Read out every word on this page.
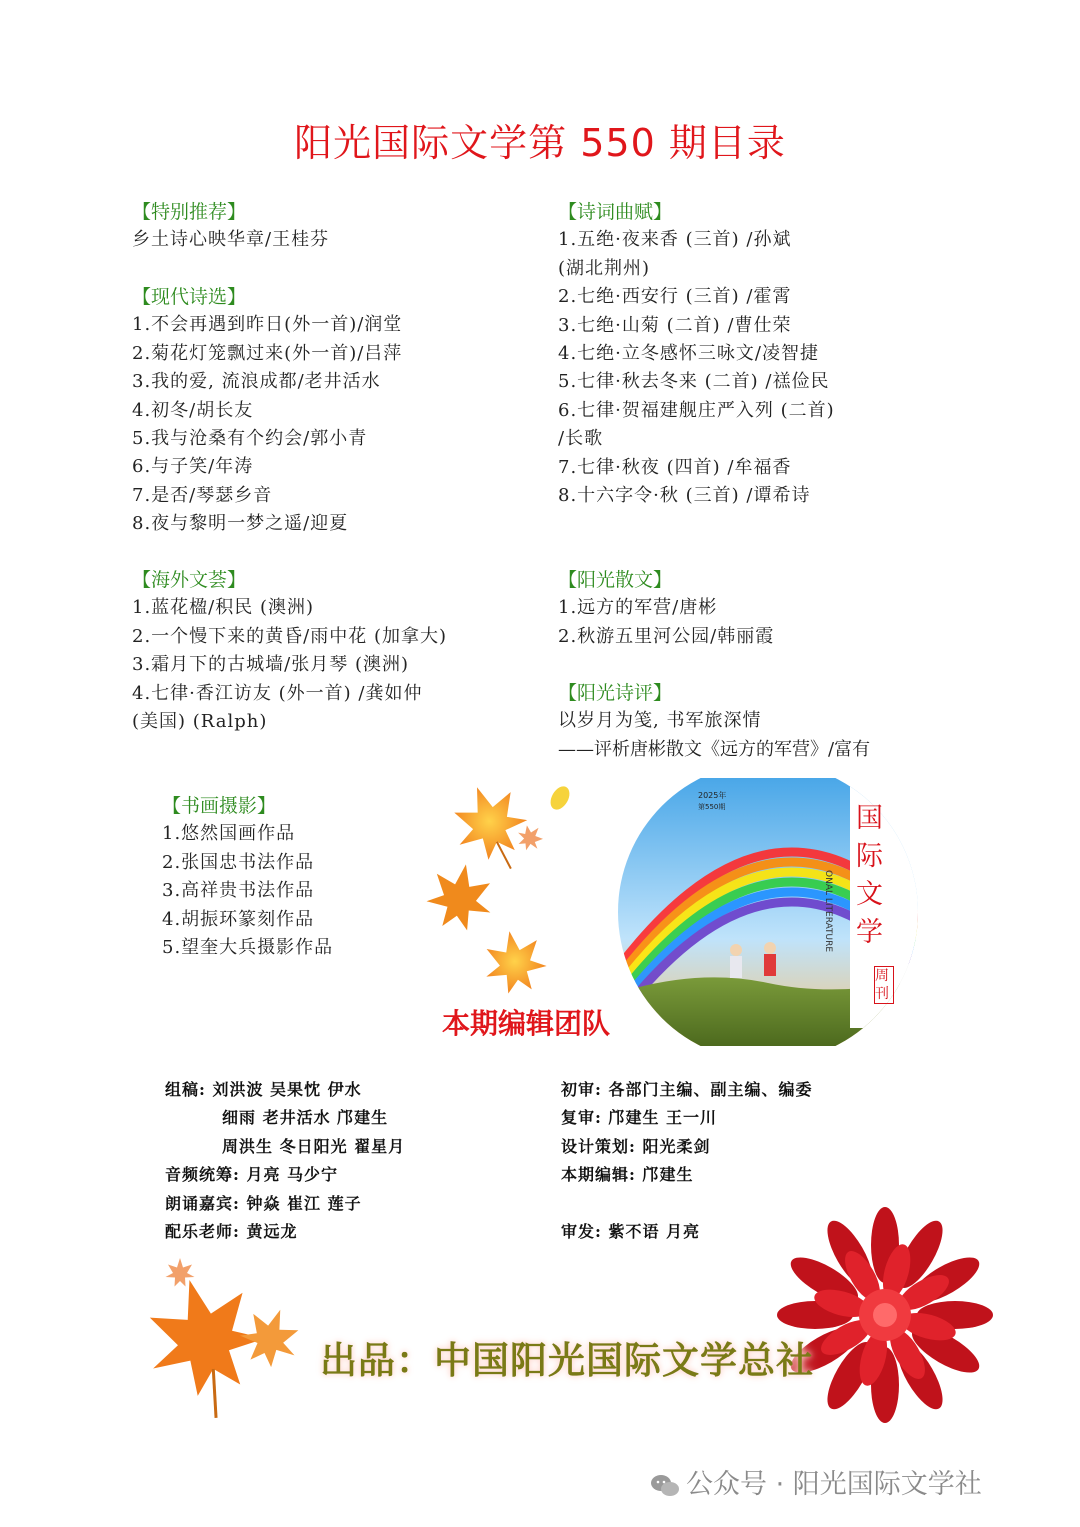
阳光国际文学第 550 期目录
【特别推荐】
乡土诗心映华章/王桂芬
【现代诗选】
1.不会再遇到昨日(外一首)/润堂
2.菊花灯笼飘过来(外一首)/吕萍
3.我的爱, 流浪成都/老井活水
4.初冬/胡长友
5.我与沧桑有个约会/郭小青
6.与子笑/年涛
7.是否/琴瑟乡音
8.夜与黎明一梦之遥/迎夏
【海外文荟】
1.蓝花楹/积民 (澳洲)
2.一个慢下来的黄昏/雨中花 (加拿大)
3.霜月下的古城墙/张月琴 (澳洲)
4.七律·香江访友 (外一首) /龚如仲
(美国) (Ralph)
【书画摄影】
1.悠然国画作品
2.张国忠书法作品
3.高祥贵书法作品
4.胡振环篆刻作品
5.望奎大兵摄影作品
【诗词曲赋】
1.五绝·夜来香 (三首) /孙斌
(湖北荆州)
2.七绝·西安行 (三首) /霍霄
3.七绝·山菊 (二首) /曹仕荣
4.七绝·立冬感怀三咏文/凌智捷
5.七律·秋去冬来 (二首) /禚俭民
6.七律·贺福建舰庄严入列 (二首)
/长歌
7.七律·秋夜 (四首) /牟福香
8.十六字令·秋 (三首) /谭希诗
【阳光散文】
1.远方的军营/唐彬
2.秋游五里河公园/韩丽霞
【阳光诗评】
以岁月为笺, 书军旅深情
——评析唐彬散文《远方的军营》/富有
2025年
第550期	国际文学
ONAL LITERATURE
周刊
本期编辑团队
组稿: 刘洪波 吴果忱 伊水
细雨 老井活水 邝建生
周洪生 冬日阳光 翟星月
音频统筹: 月亮 马少宁
朗诵嘉宾: 钟焱 崔江 莲子
配乐老师: 黄远龙
初审: 各部门主编、副主编、编委
复审: 邝建生 王一川
设计策划: 阳光柔剑
本期编辑: 邝建生
审发: 紫不语 月亮
出品：中国阳光国际文学总社
公众号 · 阳光国际文学社
